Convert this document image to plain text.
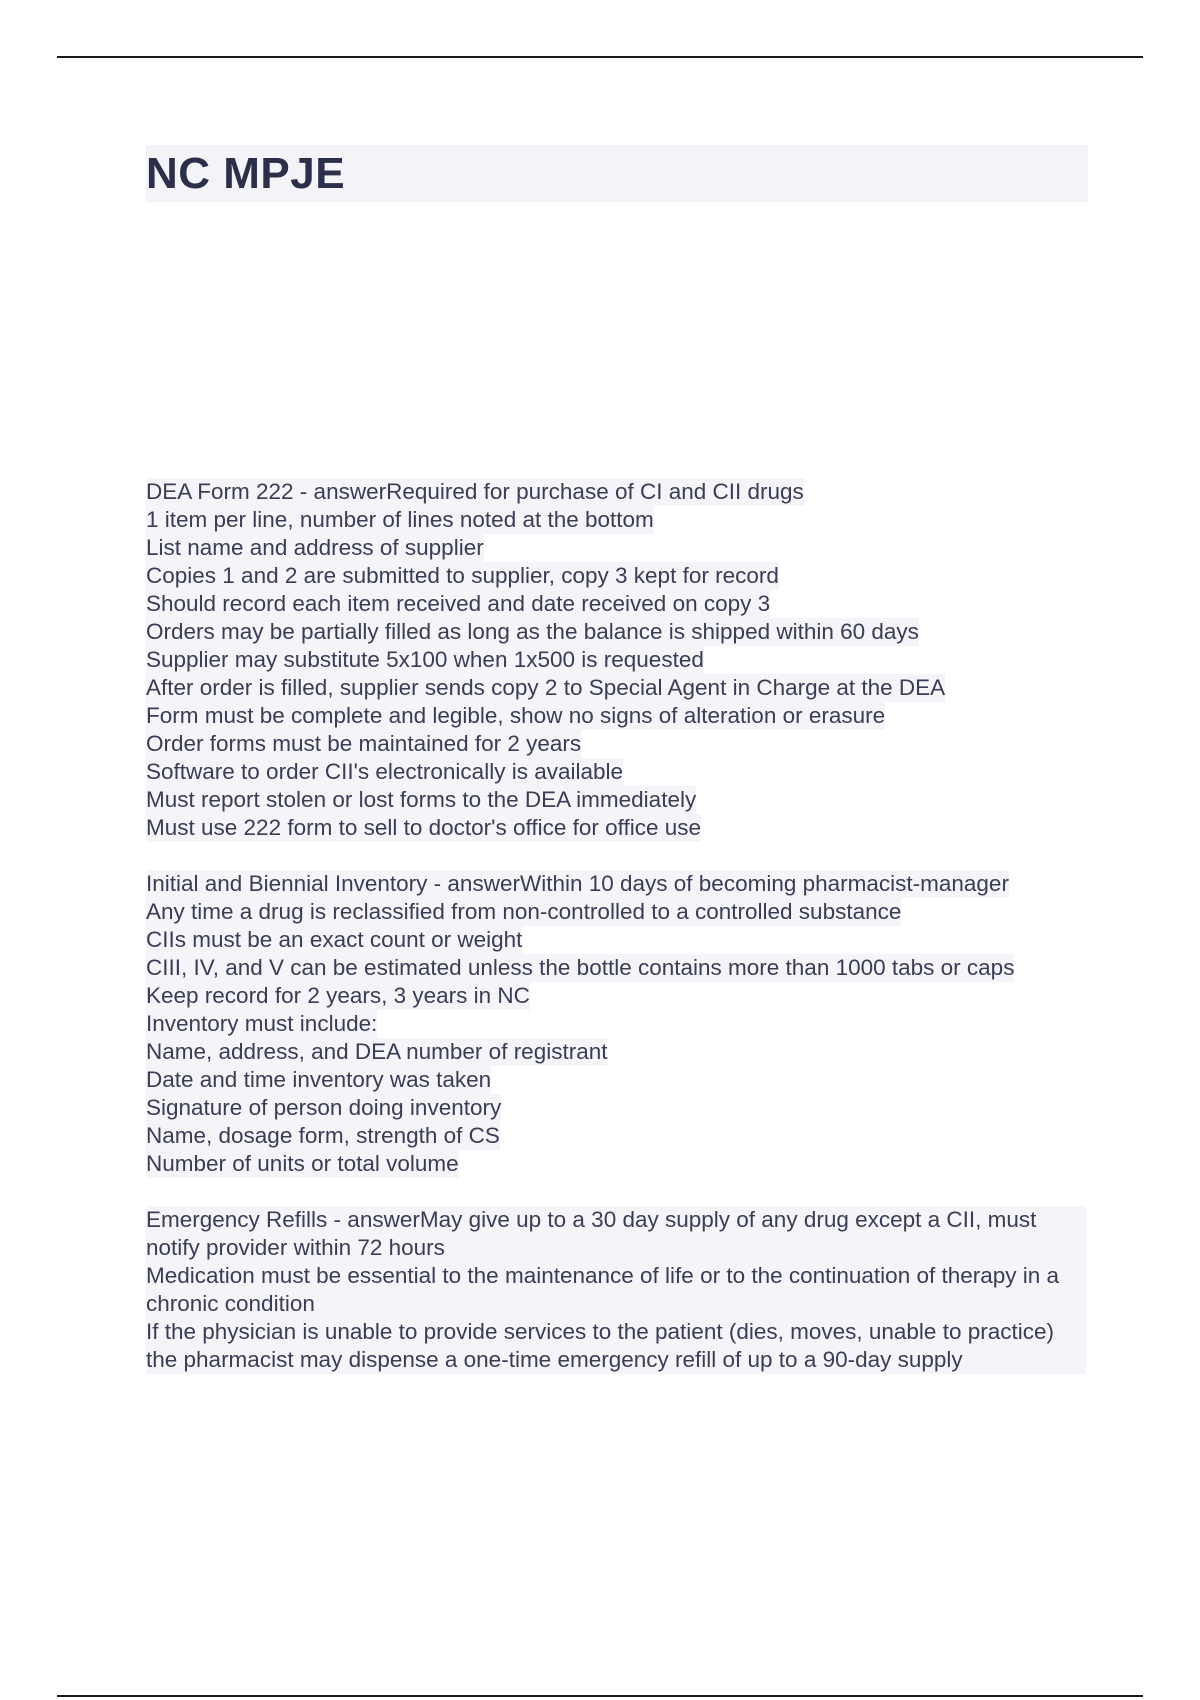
NC MPJE
DEA Form 222 - answerRequired for purchase of CI and CII drugs
1 item per line, number of lines noted at the bottom
List name and address of supplier
Copies 1 and 2 are submitted to supplier, copy 3 kept for record
Should record each item received and date received on copy 3
Orders may be partially filled as long as the balance is shipped within 60 days
Supplier may substitute 5x100 when 1x500 is requested
After order is filled, supplier sends copy 2 to Special Agent in Charge at the DEA
Form must be complete and legible, show no signs of alteration or erasure
Order forms must be maintained for 2 years
Software to order CII's electronically is available
Must report stolen or lost forms to the DEA immediately
Must use 222 form to sell to doctor's office for office use
Initial and Biennial Inventory - answerWithin 10 days of becoming pharmacist-manager
Any time a drug is reclassified from non-controlled to a controlled substance
CIIs must be an exact count or weight
CIII, IV, and V can be estimated unless the bottle contains more than 1000 tabs or caps
Keep record for 2 years, 3 years in NC
Inventory must include:
Name, address, and DEA number of registrant
Date and time inventory was taken
Signature of person doing inventory
Name, dosage form, strength of CS
Number of units or total volume
Emergency Refills - answerMay give up to a 30 day supply of any drug except a CII, must notify provider within 72 hours
Medication must be essential to the maintenance of life or to the continuation of therapy in a chronic condition
If the physician is unable to provide services to the patient (dies, moves, unable to practice) the pharmacist may dispense a one-time emergency refill of up to a 90-day supply
